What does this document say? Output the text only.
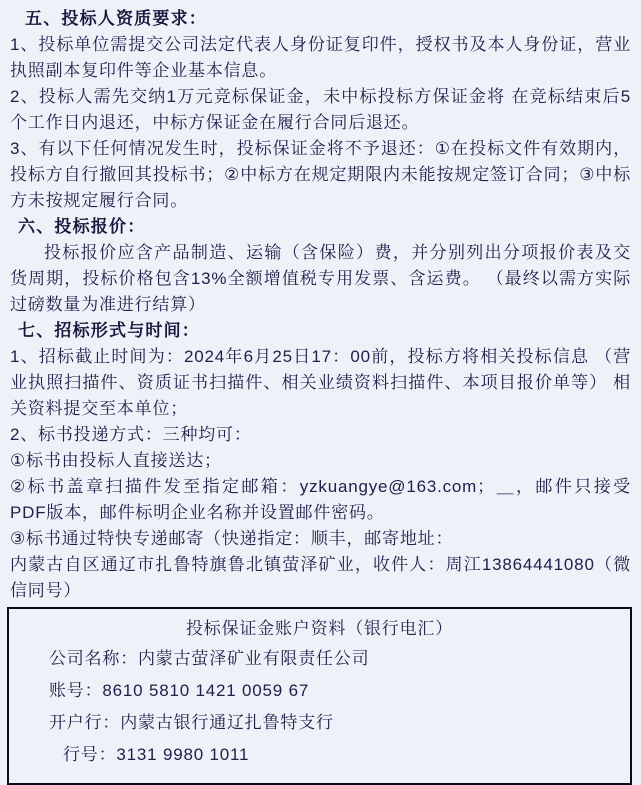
五、投标人资质要求：

1、投标单位需提交公司法定代表人身份证复印件，授权书及本人身份证，营业执照副本复印件等企业基本信息。

2、投标人需先交纳1万元竞标保证金，未中标投标方保证金将 在竞标结束后5个工作日内退还，中标方保证金在履行合同后退还。

3、有以下任何情况发生时，投标保证金将不予退还：①在投标文件有效期内，投标方自行撤回其投标书；②中标方在规定期限内未能按规定签订合同；③中标方未按规定履行合同。

六、投标报价：

投标报价应含产品制造、运输（含保险）费，并分别列出分项报价表及交货周期，投标价格包含13%全额增值税专用发票、含运费。 （最终以需方实际过磅数量为准进行结算）

七、招标形式与时间：

1、招标截止时间为：2024年6月25日17：00前，投标方将相关投标信息 （营业执照扫描件、资质证书扫描件、相关业绩资料扫描件、本项目报价单等） 相关资料提交至本单位；

2、标书投递方式：三种均可：

①标书由投标人直接送达；

②标书盖章扫描件发至指定邮箱：yzkuangye@163.com；＿，邮件只接受PDF版本，邮件标明企业名称并设置邮件密码。

③标书通过特快专递邮寄（快递指定：顺丰，邮寄地址：

内蒙古自区通辽市扎鲁特旗鲁北镇萤泽矿业，收件人：周江13864441080（微信同号）

投标保证金账户资料（银行电汇）

公司名称：内蒙古萤泽矿业有限责任公司

账号：8610 5810 1421 0059 67

开户行：内蒙古银行通辽扎鲁特支行

行号：3131 9980 1011
